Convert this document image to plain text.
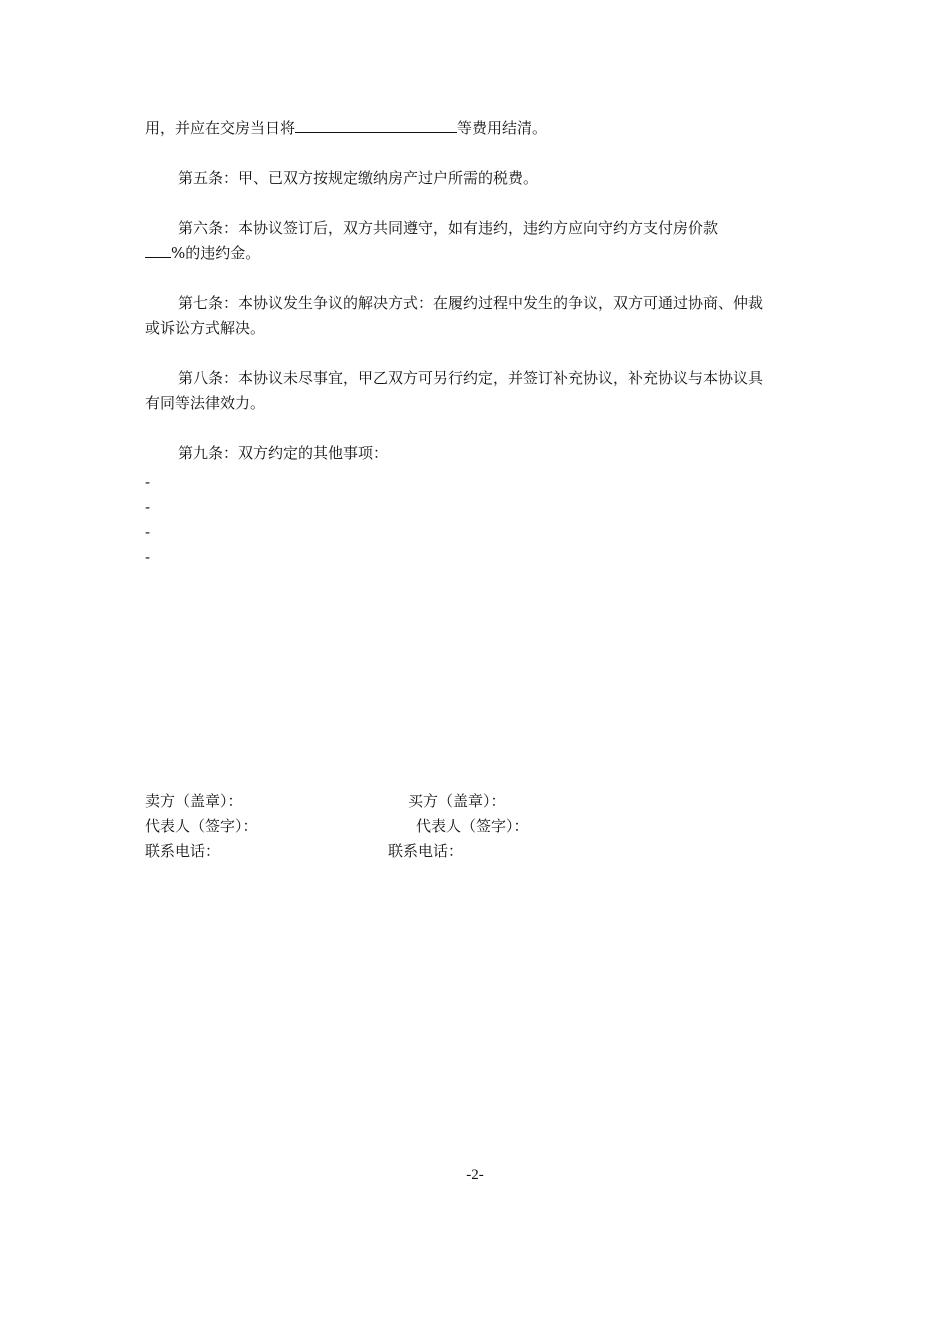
用，并应在交房当日将	等费用结清。
第五条：甲、已双方按规定缴纳房产过户所需的税费。
第六条：本协议签订后，双方共同遵守，如有违约，违约方应向守约方支付房价款
%的违约金。
第七条：本协议发生争议的解决方式：在履约过程中发生的争议，双方可通过协商、仲裁
或诉讼方式解决。
第八条：本协议未尽事宜，甲乙双方可另行约定，并签订补充协议，补充协议与本协议具
有同等法律效力。
第九条：双方约定的其他事项：
-
-
-
-
卖方（盖章）：	买方（盖章）：
代表人（签字）：	代表人（签字）：
联系电话：	联系电话：
-2-
